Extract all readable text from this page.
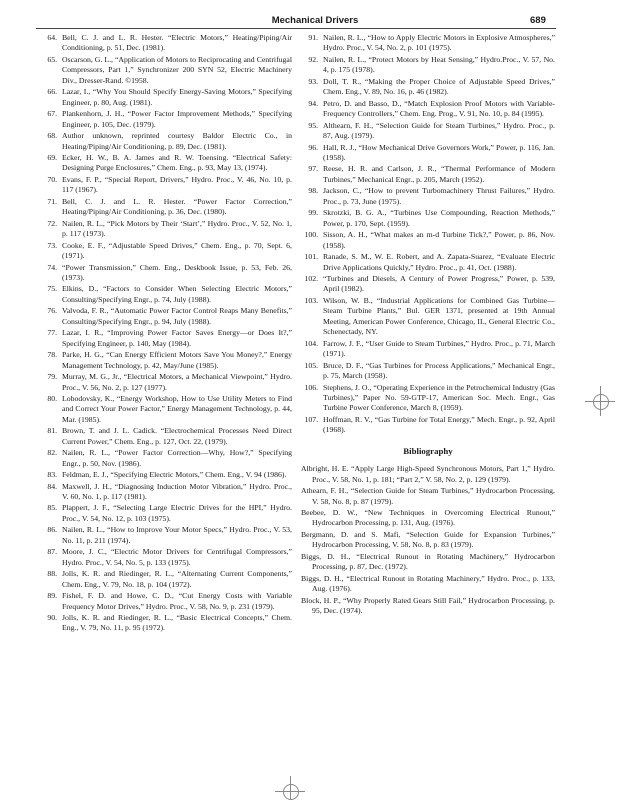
Mechanical Drivers	689
64. Bell, C. J. and L. R. Hester. “Electric Motors,” Heating/Piping/Air Conditioning, p. 51, Dec. (1981).
65. Oscarson, G. L., “Application of Motors to Reciprocating and Centrifugal Compressors, Part 1,” Synchronizer 200 SYN 52, Electric Machinery Div., Dresser-Rand. ©1958.
66. Lazar, I., “Why You Should Specify Energy-Saving Motors,” Specifying Engineer, p. 80, Aug. (1981).
67. Plankenhorn, J. H., “Power Factor Improvement Methods,” Specifying Engineer, p. 105, Dec. (1979).
68. Author unknown, reprinted courtesy Baldor Electric Co., in Heating/Piping/Air Conditioning, p. 89, Dec. (1981).
69. Ecker, H. W., B. A. James and R. W. Toensing. “Electrical Safety: Designing Purge Enclosures,” Chem. Eng., p. 93, May 13, (1974).
70. Evans, F. P., “Special Report, Drivers,” Hydro. Proc., V. 46, No. 10, p. 117 (1967).
71. Bell, C. J. and L. R. Hester. “Power Factor Correction,” Heating/Piping/Air Conditioning, p. 36, Dec. (1980).
72. Nailen, R. L., “Pick Motors by Their ‘Start’,” Hydro. Proc., V. 52, No. 1, p. 117 (1973).
73. Cooke, E. F., “Adjustable Speed Drives,” Chem. Eng., p. 70, Sept. 6, (1971).
74. “Power Transmission,” Chem. Eng., Deskbook Issue, p. 53, Feb. 26, (1973).
75. Elkins, D., “Factors to Consider When Selecting Electric Motors,” Consulting/Specifying Engr., p. 74, July (1988).
76. Valvoda, F. R., “Automatic Power Factor Control Reaps Many Benefits,” Consulting/Specifying Engr., p. 94, July (1988).
77. Lazar, I. R., “Improving Power Factor Saves Energy—or Does It?,” Specifying Engineer, p. 140, May (1984).
78. Parke, H. G., “Can Energy Efficient Motors Save You Money?,” Energy Management Technology, p. 42, May/June (1985).
79. Murray, M. G., Jr., “Electrical Motors, a Mechanical Viewpoint,” Hydro. Proc., V. 56, No. 2, p. 127 (1977).
80. Lobodovsky, K., “Energy Workshop, How to Use Utility Meters to Find and Correct Your Power Factor,” Energy Management Technology, p. 44, Mar. (1985).
81. Brown, T. and J. L. Cadick. “Electrochemical Processes Need Direct Current Power,” Chem. Eng., p. 127, Oct. 22, (1979).
82. Nailen, R. L., “Power Factor Correction—Why, How?,” Specifying Engr., p. 50, Nov. (1986).
83. Feldman, E. J., “Specifying Electric Motors,” Chem. Eng., V. 94 (1986).
84. Maxwell, J. H., “Diagnosing Induction Motor Vibration,” Hydro. Proc., V. 60, No. 1, p. 117 (1981).
85. Plappert, J. F., “Selecting Large Electric Drives for the HPI,” Hydro. Proc., V. 54, No. 12, p. 103 (1975).
86. Nailen, R. L., “How to Improve Your Motor Specs,” Hydro. Proc., V. 53, No. 11, p. 211 (1974).
87. Moore, J. C., “Electric Motor Drivers for Centrifugal Compressors,” Hydro. Proc., V. 54, No. 5, p. 133 (1975).
88. Jolls, K. R. and Riedinger, R. L., “Alternating Current Components,” Chem. Eng., V. 79, No. 18, p. 104 (1972).
89. Fishel, F. D. and Howe, C. D., “Cut Energy Costs with Variable Frequency Motor Drives,” Hydro. Proc., V. 58, No. 9, p. 231 (1979).
90. Jolls, K. R. and Riedinger, R. L., “Basic Electrical Concepts,” Chem. Eng., V. 79, No. 11, p. 95 (1972).
91. Nailen, R. L., “How to Apply Electric Motors in Explosive Atmospheres,” Hydro. Proc., V. 54, No. 2, p. 101 (1975).
92. Nailen, R. L., “Protect Motors by Heat Sensing,” Hydro.Proc., V. 57, No. 4, p. 175 (1978).
93. Doll, T. R., “Making the Proper Choice of Adjustable Speed Drives,” Chem. Eng., V. 89, No. 16, p. 46 (1982).
94. Petro, D. and Basso, D., “Match Explosion Proof Motors with Variable-Frequency Controllers,” Chem. Eng. Prog., V. 91, No. 10, p. 84 (1995).
95. Althearn, F. H., “Selection Guide for Steam Turbines,” Hydro. Proc., p. 87, Aug. (1979).
96. Hall, R. J., “How Mechanical Drive Governors Work,” Power, p. 116, Jan. (1958).
97. Reese, H. R. and Carlson, J. R., “Thermal Performance of Modern Turbines,” Mechanical Engr., p. 205, March (1952).
98. Jackson, C., “How to prevent Turbomachinery Thrust Failures,” Hydro. Proc., p. 73, June (1975).
99. Skrotzki, B. G. A., “Turbines Use Compounding, Reaction Methods,” Power, p. 170, Sept. (1959).
100. Sisson, A. H., “What makes an m-d Turbine Tick?,” Power, p. 86, Nov. (1958).
101. Ranade, S. M., W. E. Robert, and A. Zapata-Suarez, “Evaluate Electric Drive Applications Quickly,” Hydro. Proc., p. 41, Oct. (1988).
102. “Turbines and Diesels, A Century of Power Progress,” Power, p. 539, April (1982).
103. Wilson, W. B., “Industrial Applications for Combined Gas Turbine—Steam Turbine Plants,” Bul. GER 1371, presented at 19th Annual Meeting, American Power Conference, Chicago, IL, General Electric Co., Schenectady, NY.
104. Farrow, J. F., “User Guide to Steam Turbines,” Hydro. Proc., p. 71, March (1971).
105. Bruce, D. F., “Gas Turbines for Process Applications,” Mechanical Engr., p. 75, March (1958).
106. Stephens, J. O., “Operating Experience in the Petrochemical Industry (Gas Turbines),” Paper No. 59-GTP-17, American Soc. Mech. Engr., Gas Turbine Power Conference, March 8, (1959).
107. Hoffman, R. V., “Gas Turbine for Total Energy,” Mech. Engr., p. 92, April (1968).
Bibliography
Albright, H. E. “Apply Large High-Speed Synchronous Motors, Part 1,” Hydro. Proc., V. 58, No. 1, p. 181; “Part 2,” V. 58, No. 2, p. 129 (1979).
Athearn, F. H., “Selection Guide for Steam Turbines,” Hydrocarbon Processing, V. 58, No. 8, p. 87 (1979).
Beebee, D. W., “New Techniques in Overcoming Electrical Runout,” Hydrocarbon Processing, p. 131, Aug. (1976).
Bergmann, D. and S. Mafi, “Selection Guide for Expansion Turbines,” Hydrocarbon Processing, V. 58, No. 8, p. 83 (1979).
Biggs, D. H., “Electrical Runout in Rotating Machinery,” Hydrocarbon Processing, p. 87, Dec. (1972).
Biggs, D. H., “Electrical Runout in Rotating Machinery,” Hydro. Proc., p. 133, Aug. (1976).
Block, H. P., “Why Properly Rated Gears Still Fail,” Hydrocarbon Processing, p. 95, Dec. (1974).
